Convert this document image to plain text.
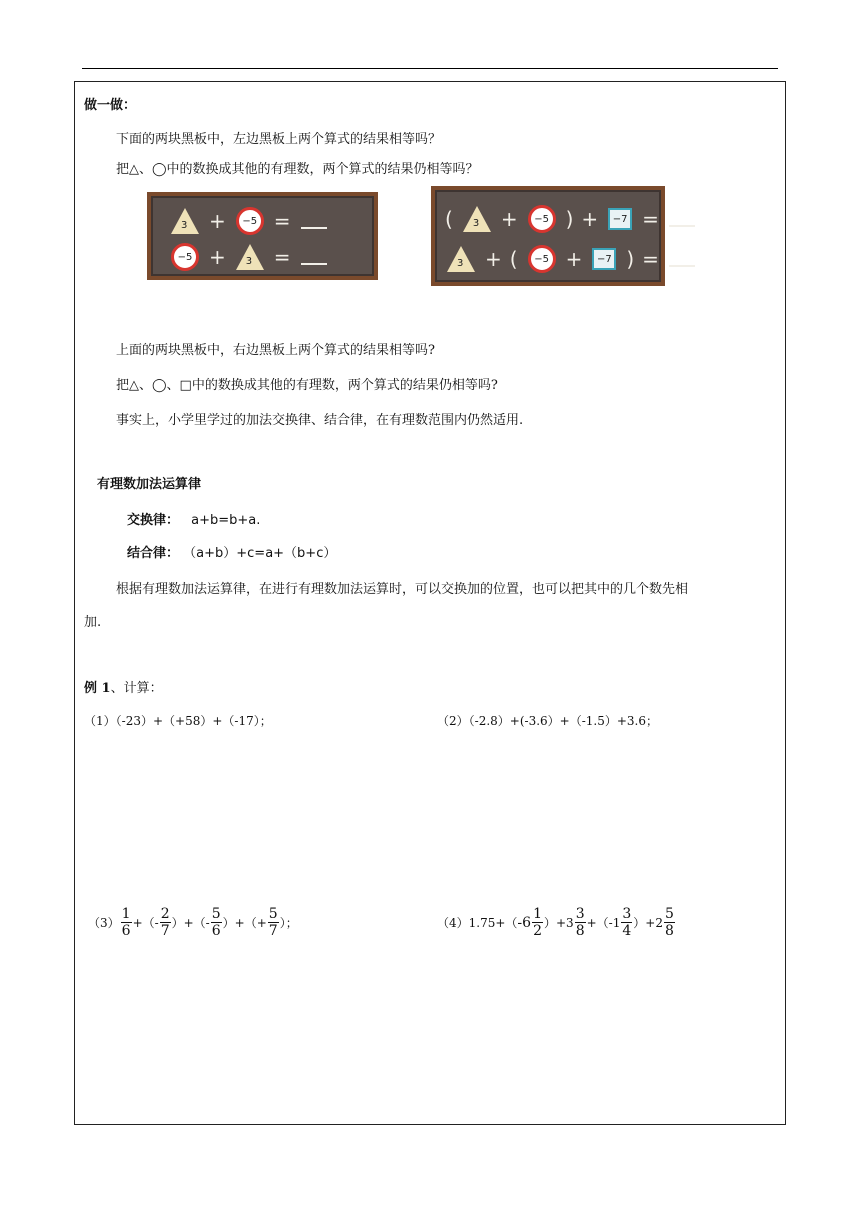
做一做：
下面的两块黑板中，左边黑板上两个算式的结果相等吗？
把△、◯中的数换成其他的有理数，两个算式的结果仍相等吗？
3 +	−5 =
−5 + 3 =
( 3 +	−5 ) +	−7 =
3 + (	−5 +	−7 ) =
上面的两块黑板中，右边黑板上两个算式的结果相等吗?
把△、◯、□中的数换成其他的有理数，两个算式的结果仍相等吗?
事实上，小学里学过的加法交换律、结合律，在有理数范围内仍然适用.
有理数加法运算律
交换律： a+b=b+a.
结合律： （a+b）+c=a+（b+c）
根据有理数加法运算律，在进行有理数加法运算时，可以交换加的位置，也可以把其中的几个数先相
加.
例 1、计算：
（1）（-23）+（+58）+（-17）；	（2）（-2.8）+(-3.6）+（-1.5）+3.6；
$(3) \frac{1}{6}$ +（- $\frac{2}{7}$ ）+（- $\frac{5}{6}$ ）+（+ $\frac{5}{7}$ ）；	（4）1.75+（ $-6 \frac{1}{2} )+3 \frac{3}{8} +(-1 \frac{3}{4} )+2 \frac{5}{8}$
